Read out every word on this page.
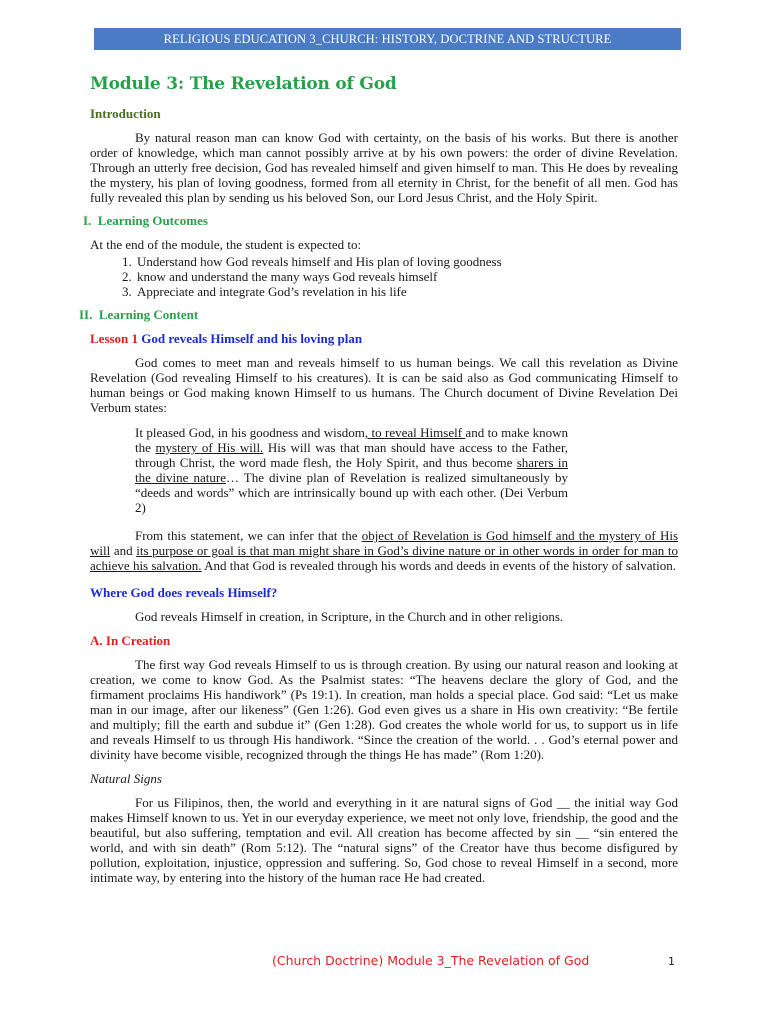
RELIGIOUS EDUCATION 3_CHURCH: HISTORY, DOCTRINE AND STRUCTURE
Module 3: The Revelation of God
Introduction

By natural reason man can know God with certainty, on the basis of his works. But there is another order of knowledge, which man cannot possibly arrive at by his own powers: the order of divine Revelation. Through an utterly free decision, God has revealed himself and given himself to man. This He does by revealing the mystery, his plan of loving goodness, formed from all eternity in Christ, for the benefit of all men. God has fully revealed this plan by sending us his beloved Son, our Lord Jesus Christ, and the Holy Spirit.

I. Learning Outcomes

At the end of the module, the student is expected to:

1. Understand how God reveals himself and His plan of loving goodness
2. know and understand the many ways God reveals himself
3. Appreciate and integrate God’s revelation in his life
II. Learning Content
Lesson 1 God reveals Himself and his loving plan

God comes to meet man and reveals himself to us human beings. We call this revelation as Divine Revelation (God revealing Himself to his creatures). It is can be said also as God communicating Himself to human beings or God making known Himself to us humans. The Church document of Divine Revelation Dei Verbum states:

It pleased God, in his goodness and wisdom, to reveal Himself and to make known the mystery of His will. His will was that man should have access to the Father, through Christ, the word made flesh, the Holy Spirit, and thus become sharers in the divine nature… The divine plan of Revelation is realized simultaneously by “deeds and words” which are intrinsically bound up with each other. (Dei Verbum 2)

From this statement, we can infer that the object of Revelation is God himself and the mystery of His will and its purpose or goal is that man might share in God’s divine nature or in other words in order for man to achieve his salvation. And that God is revealed through his words and deeds in events of the history of salvation.

Where God does reveals Himself?

God reveals Himself in creation, in Scripture, in the Church and in other religions.

A. In Creation

The first way God reveals Himself to us is through creation. By using our natural reason and looking at creation, we come to know God. As the Psalmist states: “The heavens declare the glory of God, and the firmament proclaims His handiwork” (Ps 19:1). In creation, man holds a special place. God said: “Let us make man in our image, after our likeness” (Gen 1:26). God even gives us a share in His own creativity: “Be fertile and multiply; fill the earth and subdue it” (Gen 1:28). God creates the whole world for us, to support us in life and reveals Himself to us through His handiwork. “Since the creation of the world. . . God’s eternal power and divinity have become visible, recognized through the things He has made” (Rom 1:20).

Natural Signs

For us Filipinos, then, the world and everything in it are natural signs of God __ the initial way God makes Himself known to us. Yet in our everyday experience, we meet not only love, friendship, the good and the beautiful, but also suffering, temptation and evil. All creation has become affected by sin __ “sin entered the world, and with sin death” (Rom 5:12). The “natural signs” of the Creator have thus become disfigured by pollution, exploitation, injustice, oppression and suffering. So, God chose to reveal Himself in a second, more intimate way, by entering into the history of the human race He had created.

(Church Doctrine) Module 3_The Revelation of God	1
